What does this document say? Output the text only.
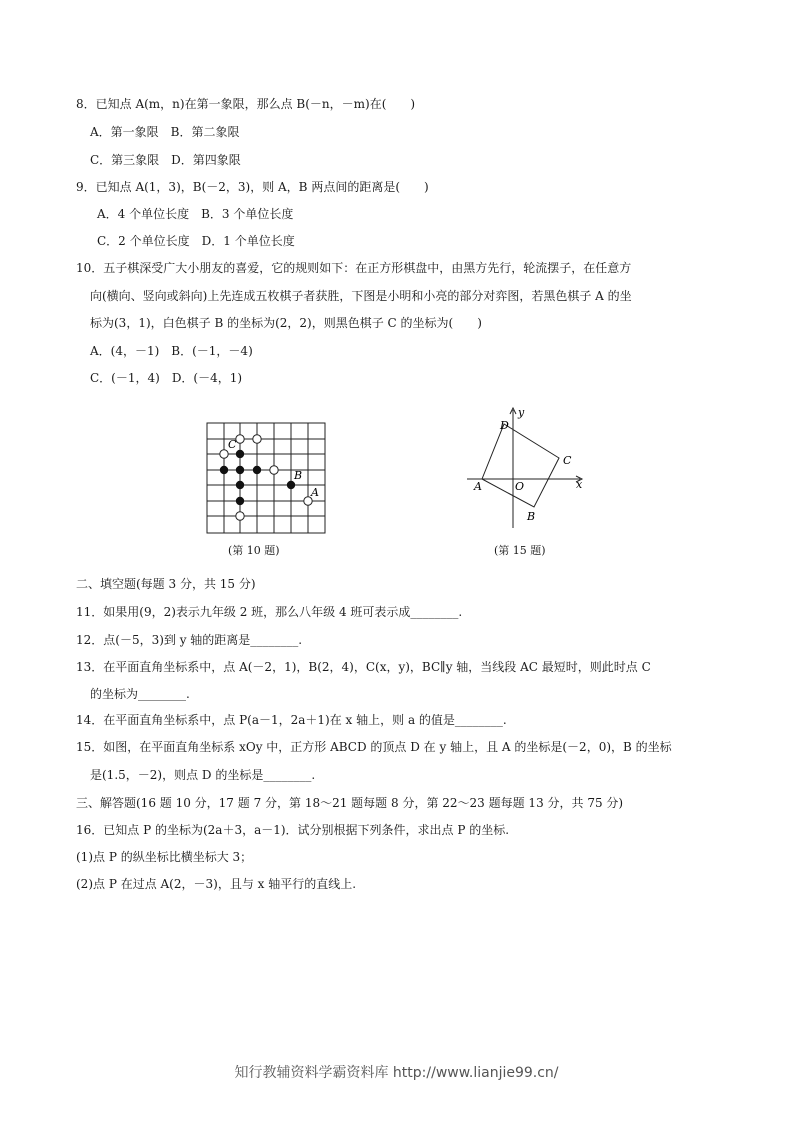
8．已知点 A(m，n)在第一象限，那么点 B(－n，－m)在(　　)
A．第一象限　B．第二象限
C．第三象限　D．第四象限
9．已知点 A(1，3)，B(－2，3)，则 A，B 两点间的距离是(　　)
A．4 个单位长度　B．3 个单位长度
C．2 个单位长度　D．1 个单位长度
10．五子棋深受广大小朋友的喜爱，它的规则如下：在正方形棋盘中，由黑方先行，轮流摆子，在任意方
向(横向、竖向或斜向)上先连成五枚棋子者获胜，下图是小明和小亮的部分对弈图，若黑色棋子 A 的坐
标为(3，1)，白色棋子 B 的坐标为(2，2)，则黑色棋子 C 的坐标为(　　)
A．(4，－1)　B．(－1，－4)
C．(－1，4)　D．(－4，1)
C
B
A
(第 10 题)
y
x
D
C
A	O
B
(第 15 题)
二、填空题(每题 3 分，共 15 分)
11．如果用(9，2)表示九年级 2 班，那么八年级 4 班可表示成________.
12．点(－5，3)到 y 轴的距离是________.
13．在平面直角坐标系中，点 A(－2，1)，B(2，4)，C(x，y)，BC∥y 轴，当线段 AC 最短时，则此时点 C
的坐标为________.
14．在平面直角坐标系中，点 P(a－1，2a＋1)在 x 轴上，则 a 的值是________.
15．如图，在平面直角坐标系 xOy 中，正方形 ABCD 的顶点 D 在 y 轴上，且 A 的坐标是(－2，0)，B 的坐标
是(1.5，－2)，则点 D 的坐标是________.
三、解答题(16 题 10 分，17 题 7 分，第 18～21 题每题 8 分，第 22～23 题每题 13 分，共 75 分)
16．已知点 P 的坐标为(2a＋3，a－1)．试分别根据下列条件，求出点 P 的坐标.
(1)点 P 的纵坐标比横坐标大 3；
(2)点 P 在过点 A(2，－3)，且与 x 轴平行的直线上.
知行教辅资料学霸资料库 http://www.lianjie99.cn/
